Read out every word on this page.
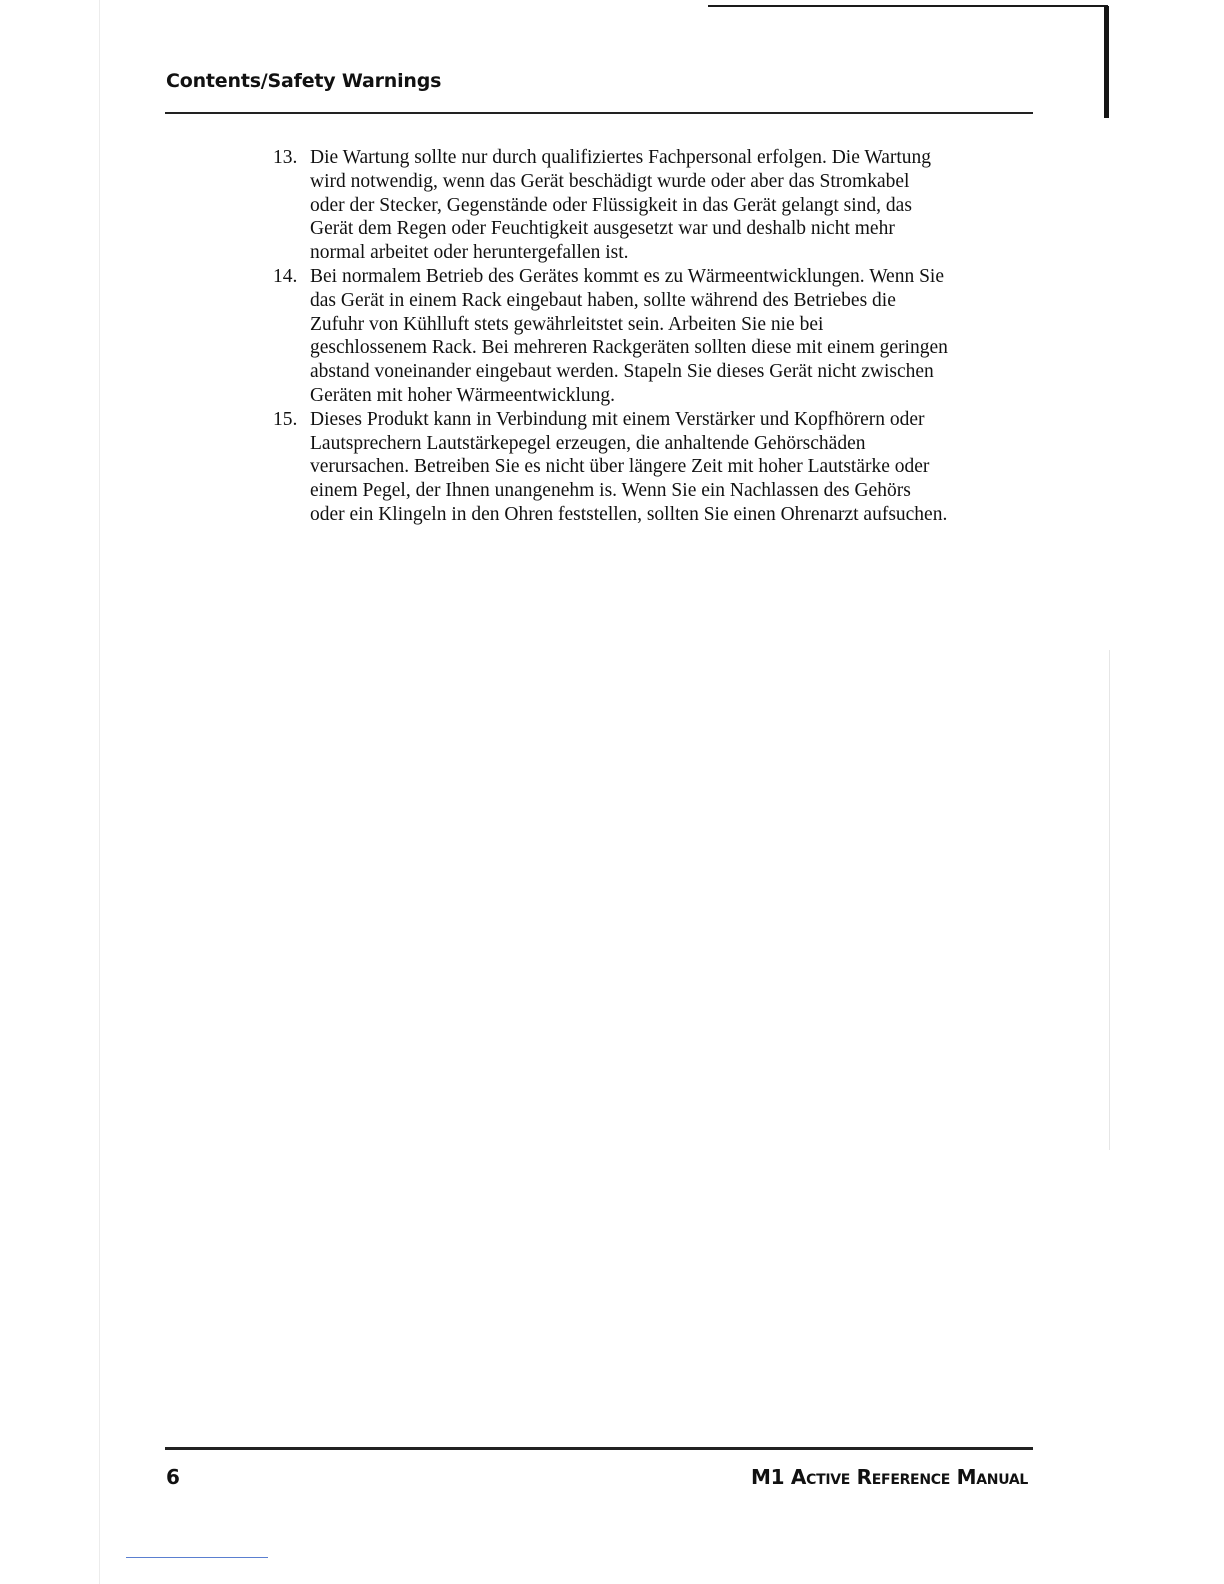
Contents/Safety Warnings
13. Die Wartung sollte nur durch qualifiziertes Fachpersonal erfolgen. Die Wartung
wird notwendig, wenn das Gerät beschädigt wurde oder aber das Stromkabel
oder der Stecker, Gegenstände oder Flüssigkeit in das Gerät gelangt sind, das
Gerät dem Regen oder Feuchtigkeit ausgesetzt war und deshalb nicht mehr
normal arbeitet oder heruntergefallen ist.
14. Bei normalem Betrieb des Gerätes kommt es zu Wärmeentwicklungen. Wenn Sie
das Gerät in einem Rack eingebaut haben, sollte während des Betriebes die
Zufuhr von Kühlluft stets gewährleitstet sein. Arbeiten Sie nie bei
geschlossenem Rack. Bei mehreren Rackgeräten sollten diese mit einem geringen
abstand voneinander eingebaut werden. Stapeln Sie dieses Gerät nicht zwischen
Geräten mit hoher Wärmeentwicklung.
15. Dieses Produkt kann in Verbindung mit einem Verstärker und Kopfhörern oder
Lautsprechern Lautstärkepegel erzeugen, die anhaltende Gehörschäden
verursachen. Betreiben Sie es nicht über längere Zeit mit hoher Lautstärke oder
einem Pegel, der Ihnen unangenehm is. Wenn Sie ein Nachlassen des Gehörs
oder ein Klingeln in den Ohren feststellen, sollten Sie einen Ohrenarzt aufsuchen.
6	M1 Active Reference Manual
